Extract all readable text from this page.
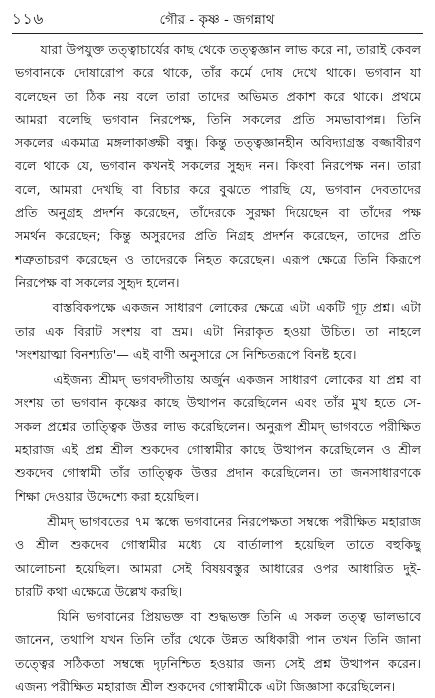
১১৬	গৌর - কৃষ্ণ - জগন্নাথ

যারা উপযুক্ত তত্ত্বাচার্যের কাছ থেকে তত্ত্বজ্ঞান লাভ করে না, তারাই কেবল

ভগবানকে দোষারোপ করে থাকে, তাঁর কর্মে দোষ দেখে থাকে। ভগবান যা

বলেছেন তা ঠিক নয় বলে তারা তাদের অভিমত প্রকাশ করে থাকে। প্রথমে

আমরা বলেছি ভগবান নিরপেক্ষ, তিনি সকলের প্রতি সমভাবাপন্ন। তিনি

সকলের একমাত্র মঙ্গলাকাঙ্ক্ষী বন্ধু। কিন্তু তত্ত্বজ্ঞানহীন অবিদ্যাগ্রস্ত বজ্জাবীরণ

বলে থাকে যে, ভগবান কখনই সকলের সুহৃদ নন। কিংবা নিরপেক্ষ নন। তারা

বলে, আমরা দেখছি বা বিচার করে বুঝতে পারছি যে, ভগবান দেবতাদের

প্রতি অনুগ্রহ প্রদর্শন করেছেন, তাঁদেরকে সুরক্ষা দিয়েছেন বা তাঁদের পক্ষ

সমর্থন করেছেন; কিন্তু অসুরদের প্রতি নিগ্রহ প্রদর্শন করেছেন, তাদের প্রতি

শত্রুতাচরণ করেছেন ও তাদেরকে নিহত করেছেন। এরূপ ক্ষেত্রে তিনি কিরূপে

নিরপেক্ষ বা সকলের সুহৃদ হলেন।

বাস্তবিকপক্ষে একজন সাধারণ লোকের ক্ষেত্রে এটা একটি গূঢ় প্রশ্ন। এটা

তার এক বিরাট সংশয় বা ভ্রম। এটা নিরাকৃত হওয়া উচিত। তা নাহলে

'সংশয়াত্মা বিনশ্যতি'— এই বাণী অনুসারে সে নিশ্চিতরূপে বিনষ্ট হবে।

এইজন্য শ্রীমদ্ ভগবদ্গীতায় অর্জুন একজন সাধারণ লোকের যা প্রশ্ন বা

সংশয় তা ভগবান কৃষ্ণের কাছে উত্থাপন করেছিলেন এবং তাঁর মুখ হতে সে-

সকল প্রশ্নের তাত্ত্বিক উত্তর লাভ করেছিলেন। অনুরূপ শ্রীমদ্ ভাগবতে পরীক্ষিত

মহারাজ এই প্রশ্ন শ্রীল শুকদেব গোস্বামীর কাছে উত্থাপন করেছিলেন ও শ্রীল

শুকদেব গোস্বামী তাঁর তাত্ত্বিক উত্তর প্রদান করেছিলেন। তা জনসাধারণকে

শিক্ষা দেওয়ার উদ্দেশ্যে করা হয়েছিল।

শ্রীমদ্ ভাগবতের ৭ম স্কন্ধে ভগবানের নিরপেক্ষতা সম্বন্ধে পরীক্ষিত মহারাজ

ও শ্রীল শুকদেব গোস্বামীর মধ্যে যে বার্তালাপ হয়েছিল তাতে বহুকিছু

আলোচনা হয়েছিল। আমরা সেই বিষয়বস্তুর আধারের ওপর আধারিত দুই-

চারটি কথা এক্ষেত্রে উল্লেখ করছি।

যিনি ভগবানের প্রিয়ভক্ত বা শুদ্ধভক্ত তিনি এ সকল তত্ত্ব ভালভাবে

জানেন, তথাপি যখন তিনি তাঁর থেকে উন্নত অধিকারী পান তখন তিনি জানা

তত্ত্বের সঠিকতা সম্বন্ধে দৃঢ়নিশ্চিত হওয়ার জন্য সেই প্রশ্ন উত্থাপন করেন।

এজন্য পরীক্ষিত মহারাজ শ্রীল শুকদেব গোস্বামীকে এটা জিজ্ঞাসা করেছিলেন।
